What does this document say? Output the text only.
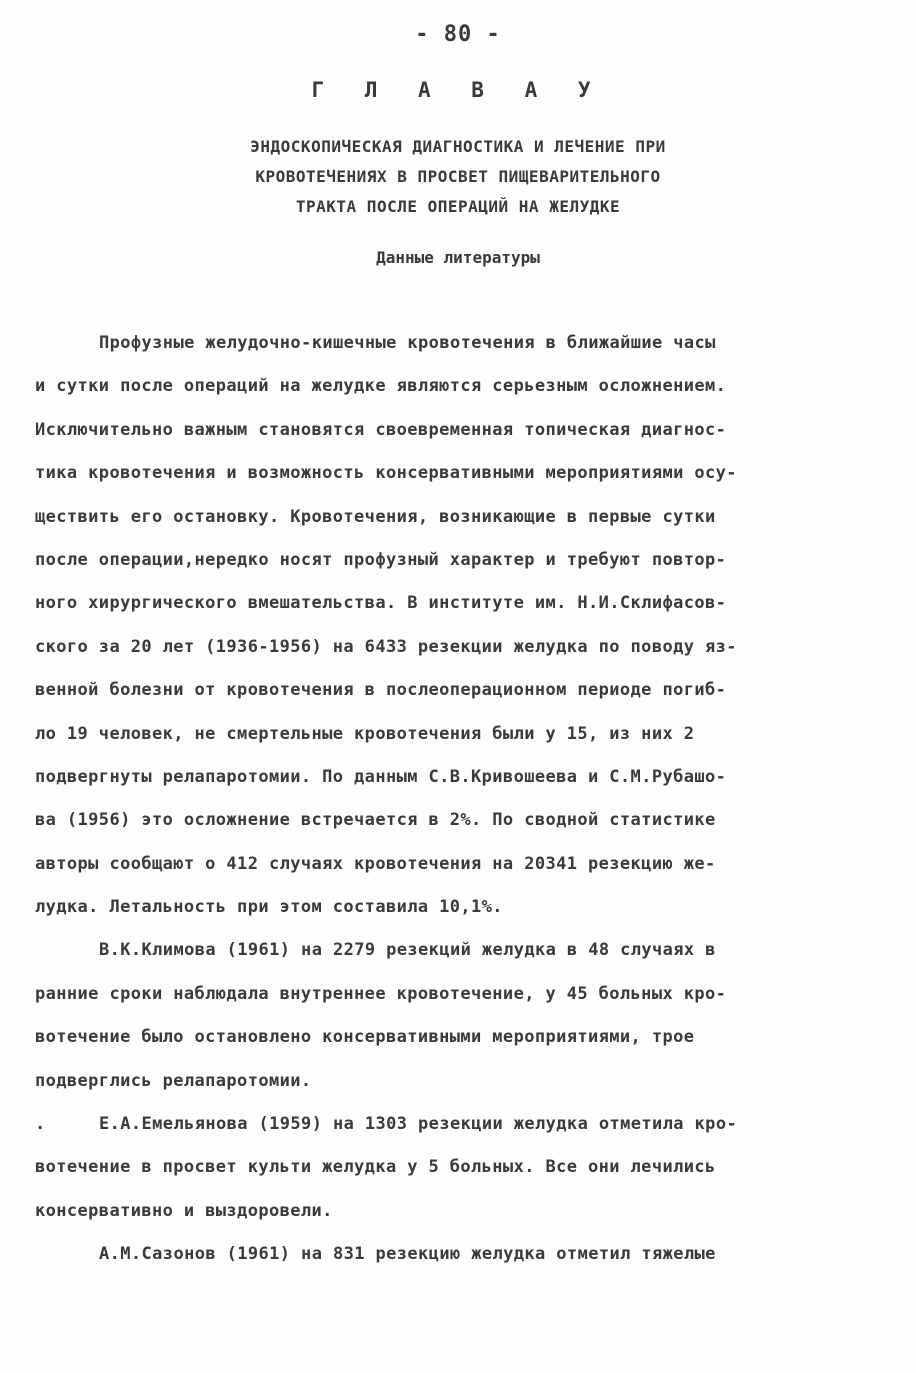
- 80 -
Г Л А В А У
ЭНДОСКОПИЧЕСКАЯ ДИАГНОСТИКА И ЛЕЧЕНИЕ ПРИ
КРОВОТЕЧЕНИЯХ В ПРОСВЕТ ПИЩЕВАРИТЕЛЬНОГО
ТРАКТА ПОСЛЕ ОПЕРАЦИЙ НА ЖЕЛУДКЕ
Данные литературы
Профузные желудочно-кишечные кровотечения в ближайшие часы
и сутки после операций на желудке являются серьезным осложнением.
Исключительно важным становятся своевременная топическая диагнос-
тика кровотечения и возможность консервативными мероприятиями осу-
ществить его остановку. Кровотечения, возникающие в первые сутки
после операции,нередко носят профузный характер и требуют повтор-
ного хирургического вмешательства. В институте им. Н.И.Склифасов-
ского за 20 лет (1936-1956) на 6433 резекции желудка по поводу яз-
венной болезни от кровотечения в послеоперационном периоде погиб-
ло 19 человек, не смертельные кровотечения были у 15, из них 2
подвергнуты релапаротомии. По данным С.В.Кривошеева и С.М.Рубашо-
ва (1956) это осложнение встречается в 2%. По сводной статистике
авторы сообщают о 412 случаях кровотечения на 20341 резекцию же-
лудка. Летальность при этом составила 10,1%.
В.К.Климова (1961) на 2279 резекций желудка в 48 случаях в
ранние сроки наблюдала внутреннее кровотечение, у 45 больных кро-
вотечение было остановлено консервативными мероприятиями, трое
подверглись релапаротомии.
. Е.А.Емельянова (1959) на 1303 резекции желудка отметила кро-
вотечение в просвет культи желудка у 5 больных. Все они лечились
консервативно и выздоровели.
А.М.Сазонов (1961) на 831 резекцию желудка отметил тяжелые
